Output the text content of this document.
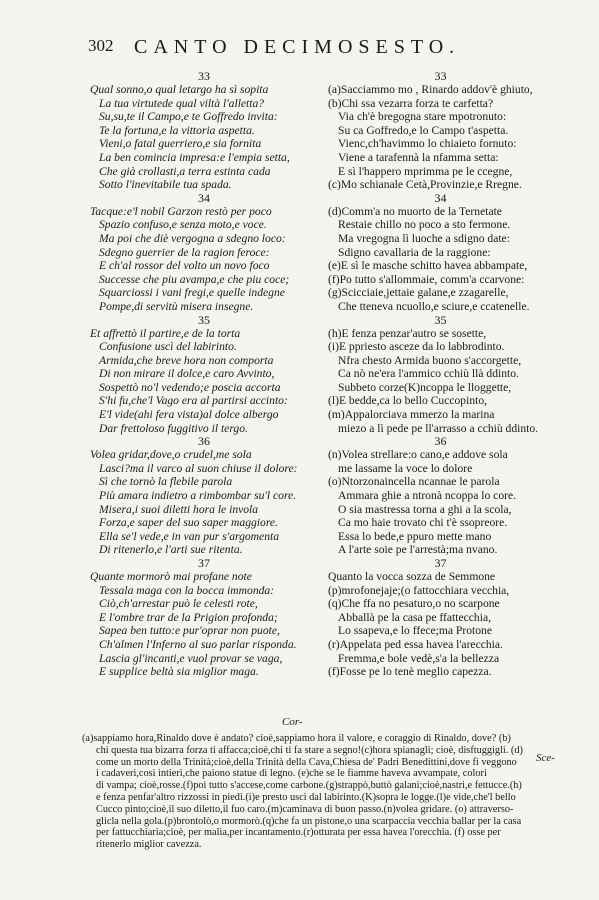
302 CANTO DECIMOSESTO.
33
Qual sonno,o qual letargo ha sì sopita
La tua virtutede qual viltà l'alletta?
Su,su,te il Campo,e te Goffredo invita:
Te la fortuna,e la vittoria aspetta.
Vieni,o fatal guerriero,e sia fornita
La ben comincia impresa:e l'empia setta,
Che già crollasti,a terra estinta cada
Sotto l'inevitabile tua spada.
34
Tacque:e'l nobil Garzon restò per poco
Spazio confuso,e senza moto,e voce.
Ma poi che diè vergogna a sdegno loco:
Sdegno guerrier de la ragion feroce:
E ch'al rossor del volto un novo foco
Successe che piu avampa,e che piu coce;
Squarciossi i vani fregi,e quelle indegne
Pompe,di servitù misera insegne.
35
Et affrettò il partire,e de la torta
Confusione uscì del labirinto.
Armida,che breve hora non comporta
Di non mirare il dolce,e caro Avvinto,
Sospettò no'l vedendo;e poscia accorta
S'hi fu,che'l Vago era al partirsi accinto:
E'l vide(ahi fera vista)al dolce albergo
Dar frettoloso fuggitivo il tergo.
36
Volea gridar,dove,o crudel,me sola
Lasci?ma il varco al suon chiuse il dolore:
Sì che tornò la flebile parola
Più amara indietro a rimbombar su'l core.
Misera,i suoi diletti hora le invola
Forza,e saper del suo saper maggiore.
Ella se'l vede,e in van pur s'argomenta
Di ritenerlo,e l'arti sue ritenta.
37
Quante mormorò mai profane note
Tessala maga con la bocca immonda:
Ciò,ch'arrestar può le celesti rote,
E l'ombre trar de la Prigion profonda;
Sapea ben tutto:e pur'oprar non puote,
Ch'almen l'Inferno al suo parlar risponda.
Lascia gl'incanti,e vuol provar se vaga,
E supplice beltà sia miglior maga.
33
(a)Sacciammo mo , Rinardo addov'è ghiuto,
(b)Chi ssa vezarra forza te carfetta?
Via ch'è bregogna stare mpotronuto:
Su ca Goffredo,e lo Campo t'aspetta.
Vienc,ch'havimmo lo chiaieto fornuto:
Viene a tarafennà la nfamma setta:
E sì l'happero mprimma pe le ccegne,
(c)Mo schianale Cetà,Provinzie,e Rregne.
34
(d)Comm'a no muorto de la Ternetate
Restaie chillo no poco a sto fermone.
Ma vregogna lì luoche a sdigno date:
Sdigno cavallaria de la raggione:
(e)E sì le masche schitto havea abbampate,
(f)Po tutto s'allommaie, comm'a ccarvone:
(g)Scicciaie,jettaie galane,e zzagarelle,
Che tteneva ncuollo,e sciure,e ccatenelle.
35
(h)E fenza penzar'autro se sosette,
(i)E ppriesto asceze da lo labbrodinto.
Nfra chesto Armida buono s'accorgette,
Ca nò ne'era l'ammico cchiù llà ddinto.
Subbeto corze(K)ncoppa le lloggette,
(l)E bedde,ca lo bello Cuccopinto,
(m)Appalorciava mmerzo la marina
miezo a lì pede pe ll'arrasso a cchiù ddinto.
36
(n)Volea strellare:o cano,e addove sola
me lassame la voce lo dolore
(o)Ntorzonaincella ncannae le parola
Ammara ghie a ntronà ncoppa lo core.
O sia mastressa torna a ghi a la scola,
Ca mo haie trovato chi t'è ssopreore.
Essa lo bede,e ppuro mette mano
A l'arte soie pe l'arrestà;ma nvano.
37
Quanto la vocca sozza de Semmone
(p)mrofonejaje;(o fattocchiara vecchia,
(q)Che ffa no pesaturo,o no scarpone
Abballà pe la casa pe ffattecchia,
Lo ssapeva,e lo ffece;ma Protone
(r)Appelata ped essa havea l'arecchia.
Fremma,e bole vedè,s'a la bellezza
(f)Fosse pe lo tenè meglio capezza.
Cor-
(a)sappiamo hora,Rinaldo dove è andato? cioè,sappiamo hora il valore, e coraggio di Rinaldo, dove? (b)
chi questa tua bizarra forza ti affacca;cioè,chi ti fa stare a segno!(c)hora spianagli; cioè, disftuggigli. (d)
come un morto della Trinità;cioè,della Trinità della Cava,Chiesa de' Padri Benedittini,dove fi veggono
i cadaveri,così intieri,che paiono statue di legno. (e)che se le fiamme haveva avvampate, colori
di vampa; cioè,rosse.(f)poi tutto s'accese,come carbone.(g)strappò,buttò galani;cioè,nastri,e fettucce.(h)
e fenza penfar'altro rizzossi in piedi.(i)e presto uscì dal labirinto.(K)sopra le logge.(l)e vide,che'l bello
Cucco pinto;cioè,il suo diletto,il fuo caro.(m)caminava di buon passo.(n)volea gridare. (o) attraverso-
glicla nella gola.(p)brontolò,o mormorò.(q)che fa un pistone,o una scarpaccia vecchia ballar per la casa
per fattucchiaria;cioè, per malia,per incantamento.(r)otturata per essa havea l'orecchia. (f) osse per
ritenerlo miglior cavezza.
Sce-
